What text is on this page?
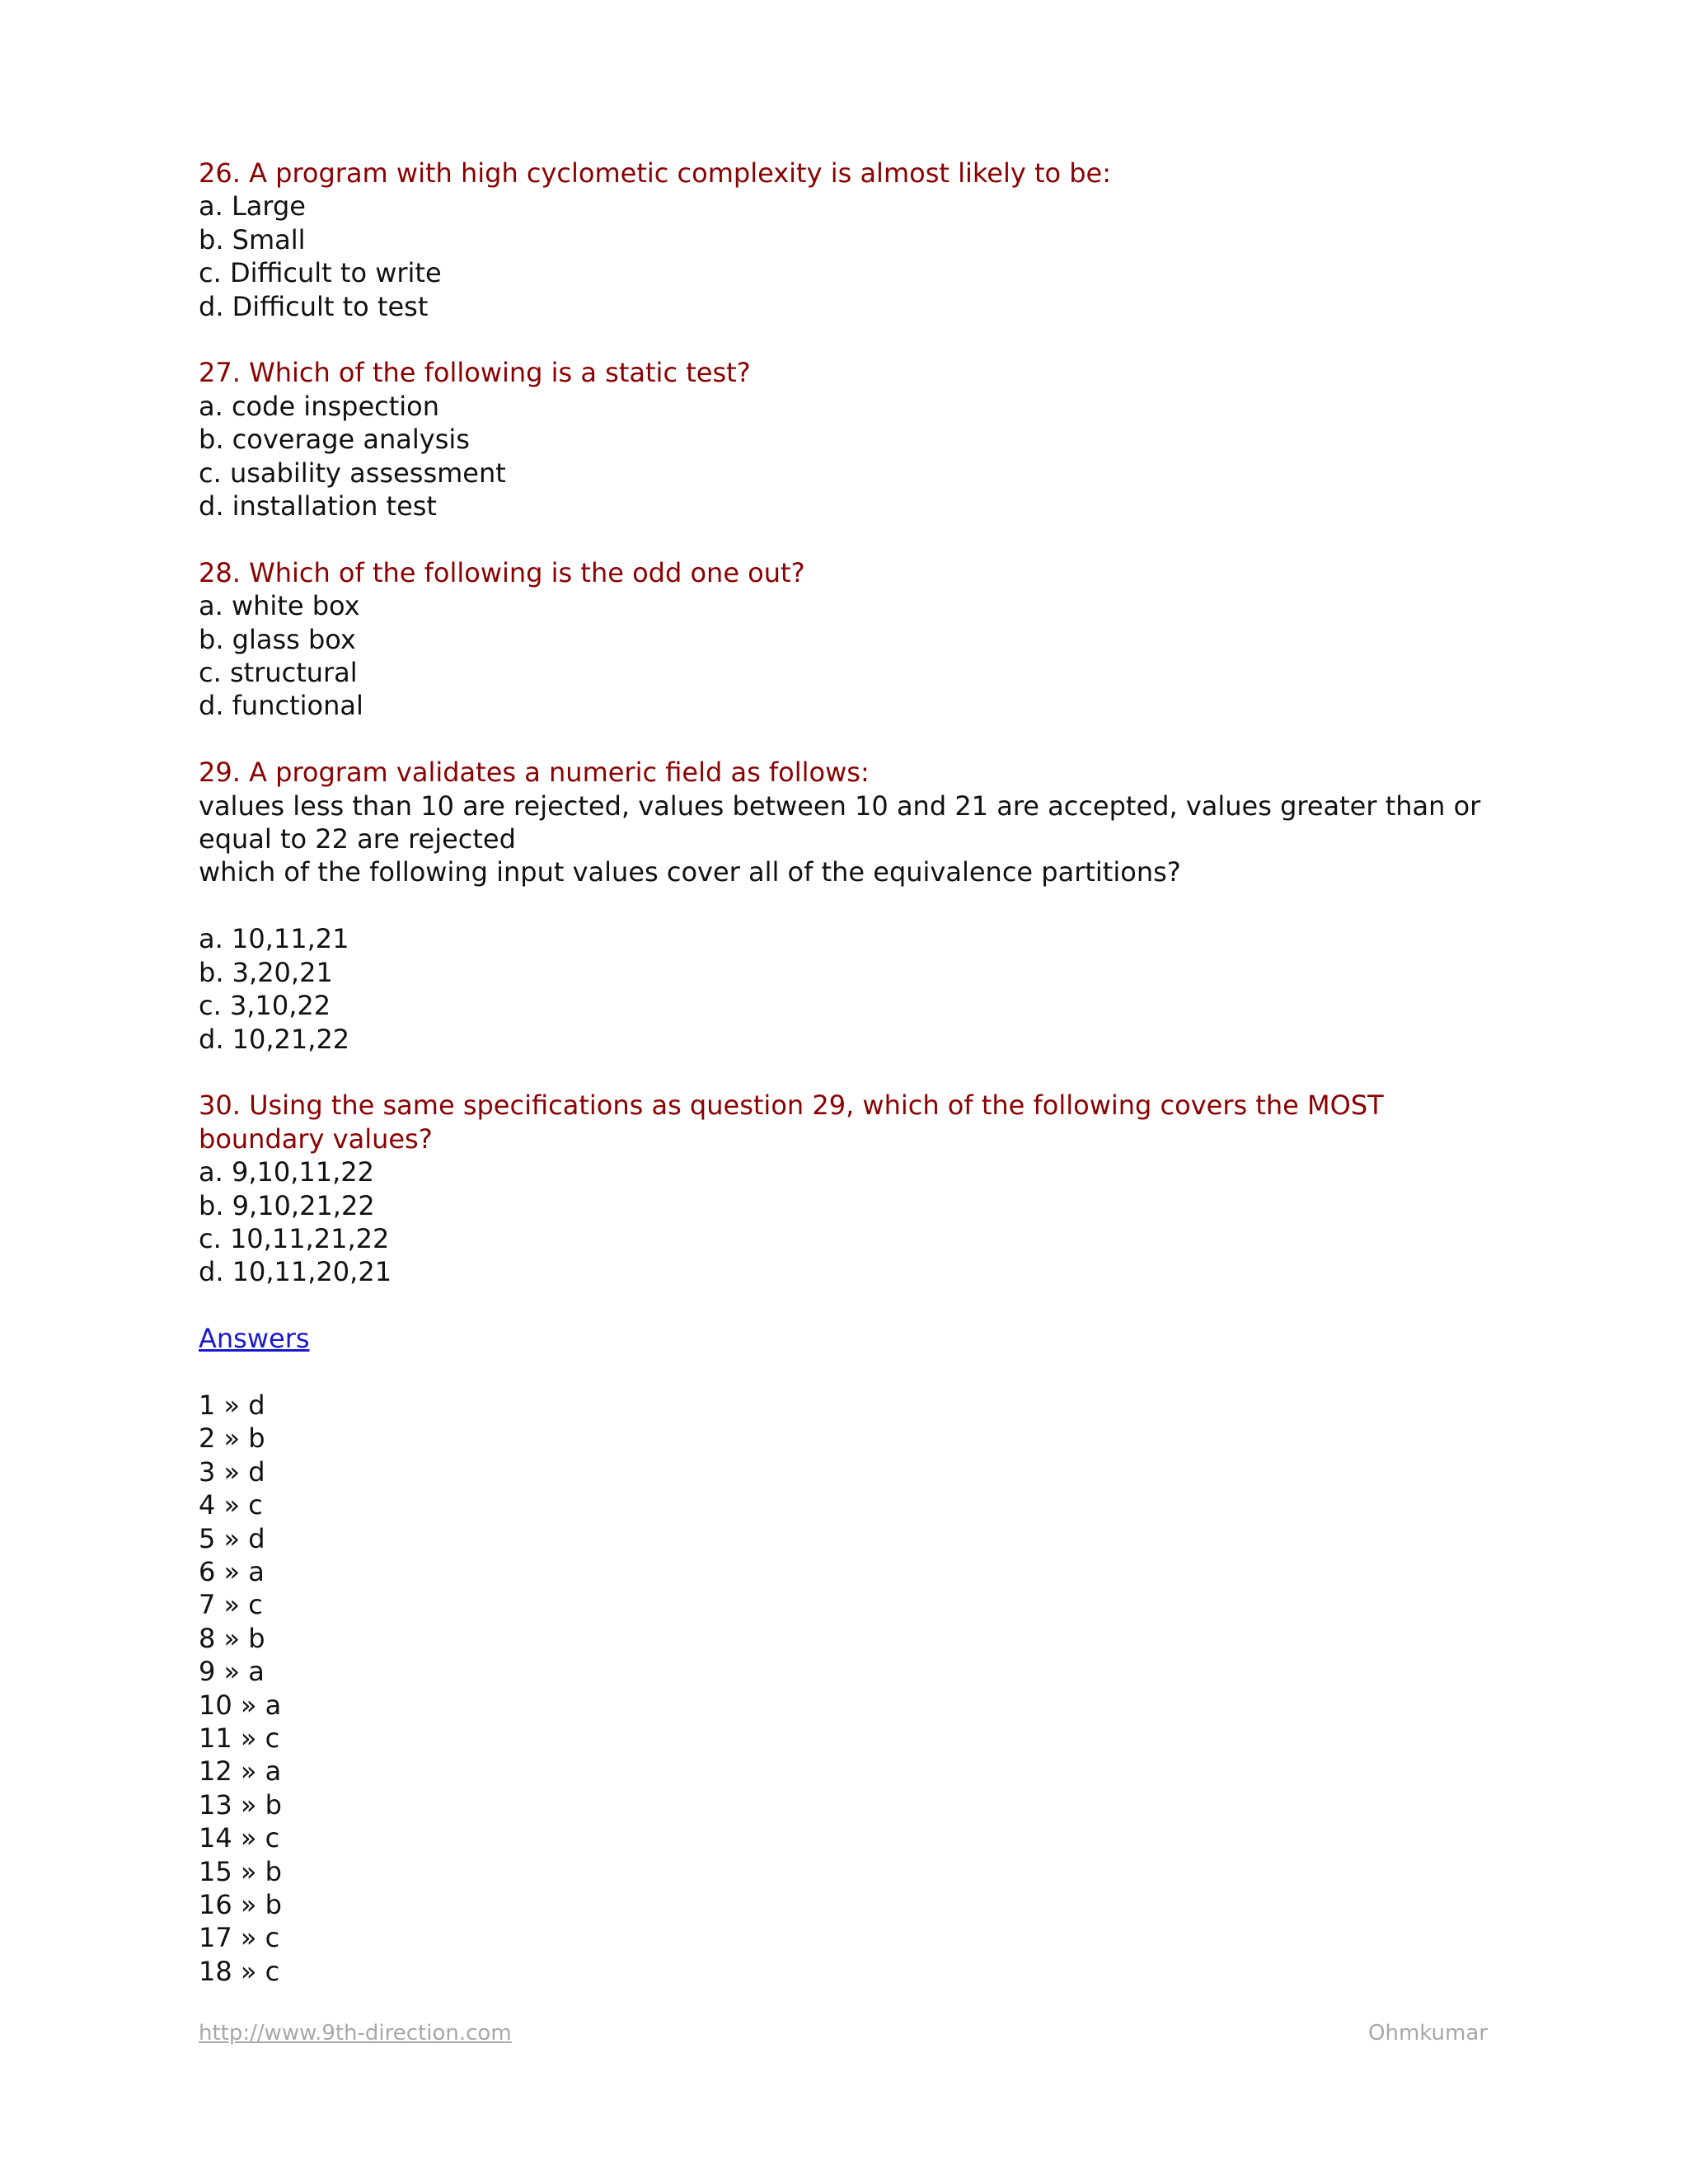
26. A program with high cyclometic complexity is almost likely to be:
a. Large
b. Small
c. Difficult to write
d. Difficult to test
27. Which of the following is a static test?
a. code inspection
b. coverage analysis
c. usability assessment
d. installation test
28. Which of the following is the odd one out?
a. white box
b. glass box
c. structural
d. functional
29. A program validates a numeric field as follows:
values less than 10 are rejected, values between 10 and 21 are accepted, values greater than or equal to 22 are rejected
which of the following input values cover all of the equivalence partitions?
a. 10,11,21
b. 3,20,21
c. 3,10,22
d. 10,21,22
30. Using the same specifications as question 29, which of the following covers the MOST boundary values?
a. 9,10,11,22
b. 9,10,21,22
c. 10,11,21,22
d. 10,11,20,21
Answers
1 » d
2 » b
3 » d
4 » c
5 » d
6 » a
7 » c
8 » b
9 » a
10 » a
11 » c
12 » a
13 » b
14 » c
15 » b
16 » b
17 » c
18 » c
http://www.9th-direction.com	Ohmkumar
